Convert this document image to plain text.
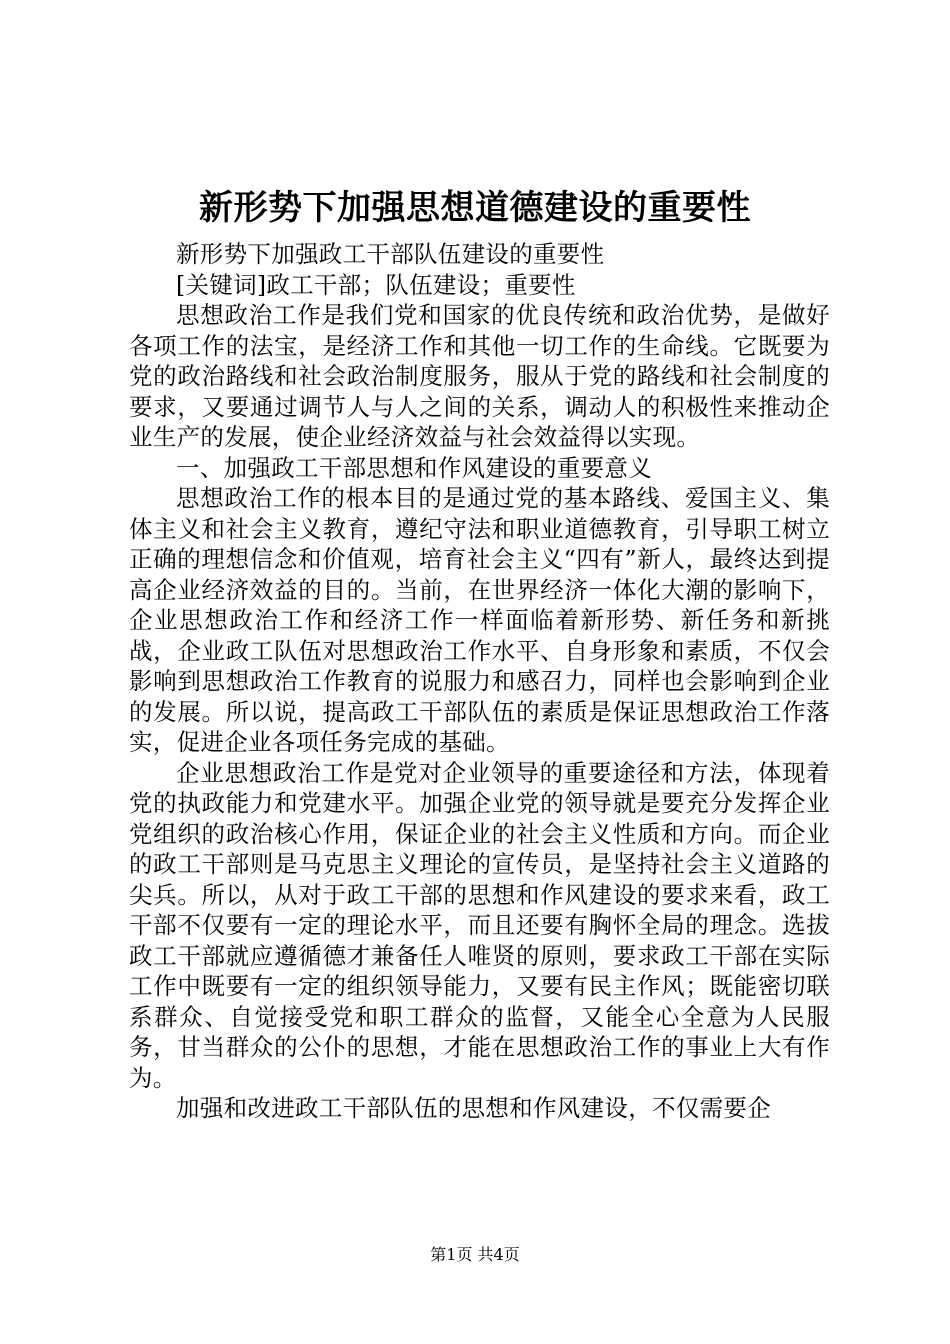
新形势下加强思想道德建设的重要性

新形势下加强政工干部队伍建设的重要性

[关键词]政工干部；队伍建设；重要性

思想政治工作是我们党和国家的优良传统和政治优势，是做好各项工作的法宝，是经济工作和其他一切工作的生命线。它既要为党的政治路线和社会政治制度服务，服从于党的路线和社会制度的要求，又要通过调节人与人之间的关系，调动人的积极性来推动企业生产的发展，使企业经济效益与社会效益得以实现。

一、加强政工干部思想和作风建设的重要意义

思想政治工作的根本目的是通过党的基本路线、爱国主义、集体主义和社会主义教育，遵纪守法和职业道德教育，引导职工树立正确的理想信念和价值观，培育社会主义“四有”新人，最终达到提高企业经济效益的目的。当前，在世界经济一体化大潮的影响下，企业思想政治工作和经济工作一样面临着新形势、新任务和新挑战，企业政工队伍对思想政治工作水平、自身形象和素质，不仅会影响到思想政治工作教育的说服力和感召力，同样也会影响到企业的发展。所以说，提高政工干部队伍的素质是保证思想政治工作落实，促进企业各项任务完成的基础。

企业思想政治工作是党对企业领导的重要途径和方法，体现着党的执政能力和党建水平。加强企业党的领导就是要充分发挥企业党组织的政治核心作用，保证企业的社会主义性质和方向。而企业的政工干部则是马克思主义理论的宣传员，是坚持社会主义道路的尖兵。所以，从对于政工干部的思想和作风建设的要求来看，政工干部不仅要有一定的理论水平，而且还要有胸怀全局的理念。选拔政工干部就应遵循德才兼备任人唯贤的原则，要求政工干部在实际工作中既要有一定的组织领导能力，又要有民主作风；既能密切联系群众、自觉接受党和职工群众的监督，又能全心全意为人民服务，甘当群众的公仆的思想，才能在思想政治工作的事业上大有作为。

加强和改进政工干部队伍的思想和作风建设，不仅需要企

第1页 共4页
